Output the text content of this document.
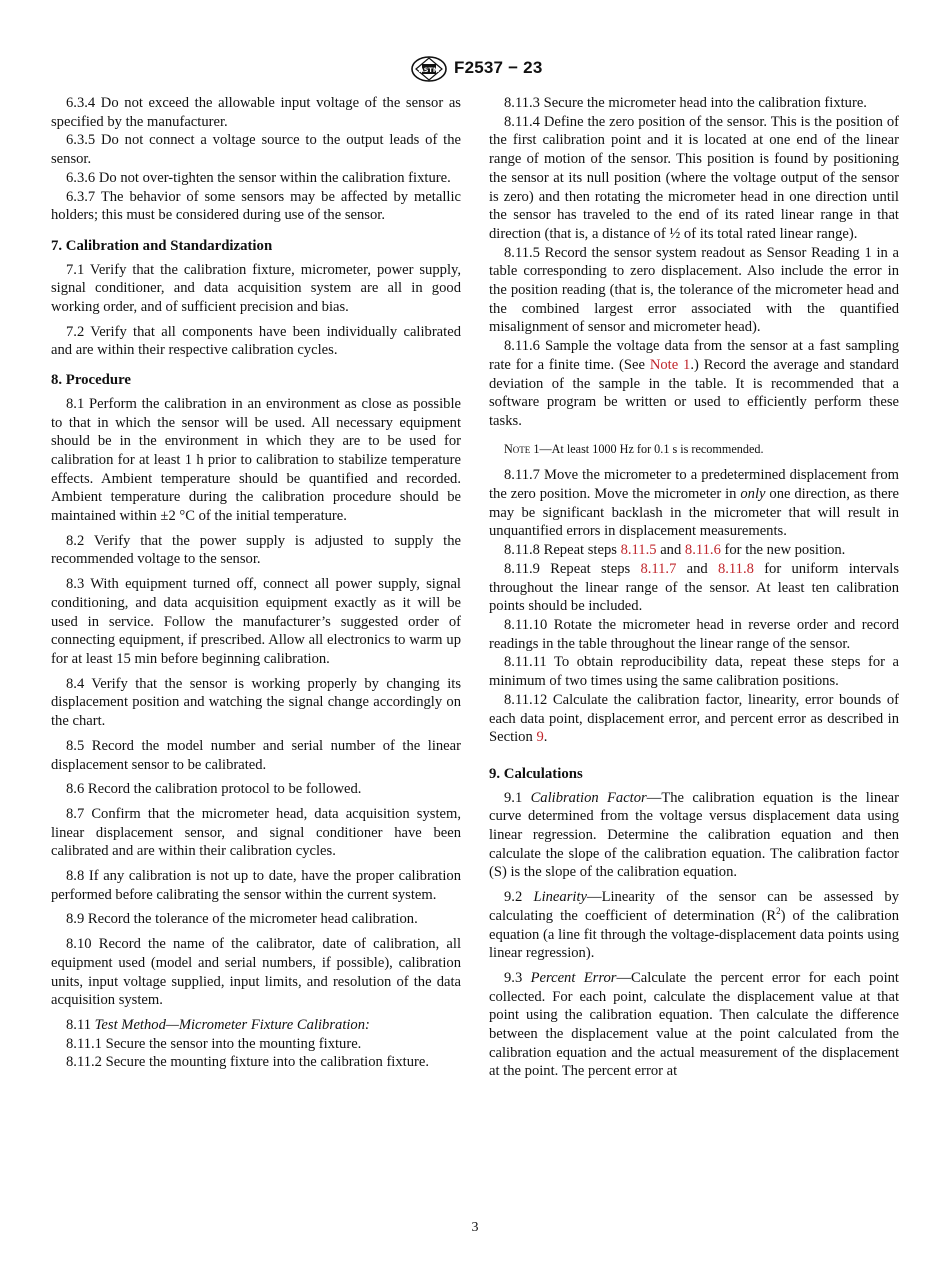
ASTM F2537 − 23

6.3.4 Do not exceed the allowable input voltage of the sensor as specified by the manufacturer.

6.3.5 Do not connect a voltage source to the output leads of the sensor.

6.3.6 Do not over-tighten the sensor within the calibration fixture.

6.3.7 The behavior of some sensors may be affected by metallic holders; this must be considered during use of the sensor.

7. Calibration and Standardization

7.1 Verify that the calibration fixture, micrometer, power supply, signal conditioner, and data acquisition system are all in good working order, and of sufficient precision and bias.

7.2 Verify that all components have been individually calibrated and are within their respective calibration cycles.

8. Procedure

8.1 Perform the calibration in an environment as close as possible to that in which the sensor will be used. All necessary equipment should be in the environment in which they are to be used for calibration for at least 1 h prior to calibration to stabilize temperature effects. Ambient temperature should be quantified and recorded. Ambient temperature during the calibration procedure should be maintained within ±2 °C of the initial temperature.

8.2 Verify that the power supply is adjusted to supply the recommended voltage to the sensor.

8.3 With equipment turned off, connect all power supply, signal conditioning, and data acquisition equipment exactly as it will be used in service. Follow the manufacturer’s suggested order of connecting equipment, if prescribed. Allow all electronics to warm up for at least 15 min before beginning calibration.

8.4 Verify that the sensor is working properly by changing its displacement position and watching the signal change accordingly on the chart.

8.5 Record the model number and serial number of the linear displacement sensor to be calibrated.

8.6 Record the calibration protocol to be followed.

8.7 Confirm that the micrometer head, data acquisition system, linear displacement sensor, and signal conditioner have been calibrated and are within their calibration cycles.

8.8 If any calibration is not up to date, have the proper calibration performed before calibrating the sensor within the current system.

8.9 Record the tolerance of the micrometer head calibration.

8.10 Record the name of the calibrator, date of calibration, all equipment used (model and serial numbers, if possible), calibration units, input voltage supplied, input limits, and resolution of the data acquisition system.

8.11 Test Method—Micrometer Fixture Calibration:

8.11.1 Secure the sensor into the mounting fixture.

8.11.2 Secure the mounting fixture into the calibration fixture.

8.11.3 Secure the micrometer head into the calibration fixture.

8.11.4 Define the zero position of the sensor. This is the position of the first calibration point and it is located at one end of the linear range of motion of the sensor. This position is found by positioning the sensor at its null position (where the voltage output of the sensor is zero) and then rotating the micrometer head in one direction until the sensor has traveled to the end of its rated linear range in that direction (that is, a distance of ½ of its total rated linear range).

8.11.5 Record the sensor system readout as Sensor Reading 1 in a table corresponding to zero displacement. Also include the error in the position reading (that is, the tolerance of the micrometer head and the combined largest error associated with the quantified misalignment of sensor and micrometer head).

8.11.6 Sample the voltage data from the sensor at a fast sampling rate for a finite time. (See Note 1.) Record the average and standard deviation of the sample in the table. It is recommended that a software program be written or used to efficiently perform these tasks.

Note 1—At least 1000 Hz for 0.1 s is recommended.

8.11.7 Move the micrometer to a predetermined displacement from the zero position. Move the micrometer in only one direction, as there may be significant backlash in the micrometer that will result in unquantified errors in displacement measurements.

8.11.8 Repeat steps 8.11.5 and 8.11.6 for the new position.

8.11.9 Repeat steps 8.11.7 and 8.11.8 for uniform intervals throughout the linear range of the sensor. At least ten calibration points should be included.

8.11.10 Rotate the micrometer head in reverse order and record readings in the table throughout the linear range of the sensor.

8.11.11 To obtain reproducibility data, repeat these steps for a minimum of two times using the same calibration positions.

8.11.12 Calculate the calibration factor, linearity, error bounds of each data point, displacement error, and percent error as described in Section 9.

9. Calculations

9.1 Calibration Factor—The calibration equation is the linear curve determined from the voltage versus displacement data using linear regression. Determine the calibration equation and then calculate the slope of the calibration equation. The calibration factor (S) is the slope of the calibration equation.

9.2 Linearity—Linearity of the sensor can be assessed by calculating the coefficient of determination $(R^2)$ of the calibration equation (a line fit through the voltage-displacement data points using linear regression).

9.3 Percent Error—Calculate the percent error for each point collected. For each point, calculate the displacement value at that point using the calibration equation. Then calculate the difference between the displacement value at the point calculated from the calibration equation and the actual measurement of the displacement at the point. The percent error at

3
